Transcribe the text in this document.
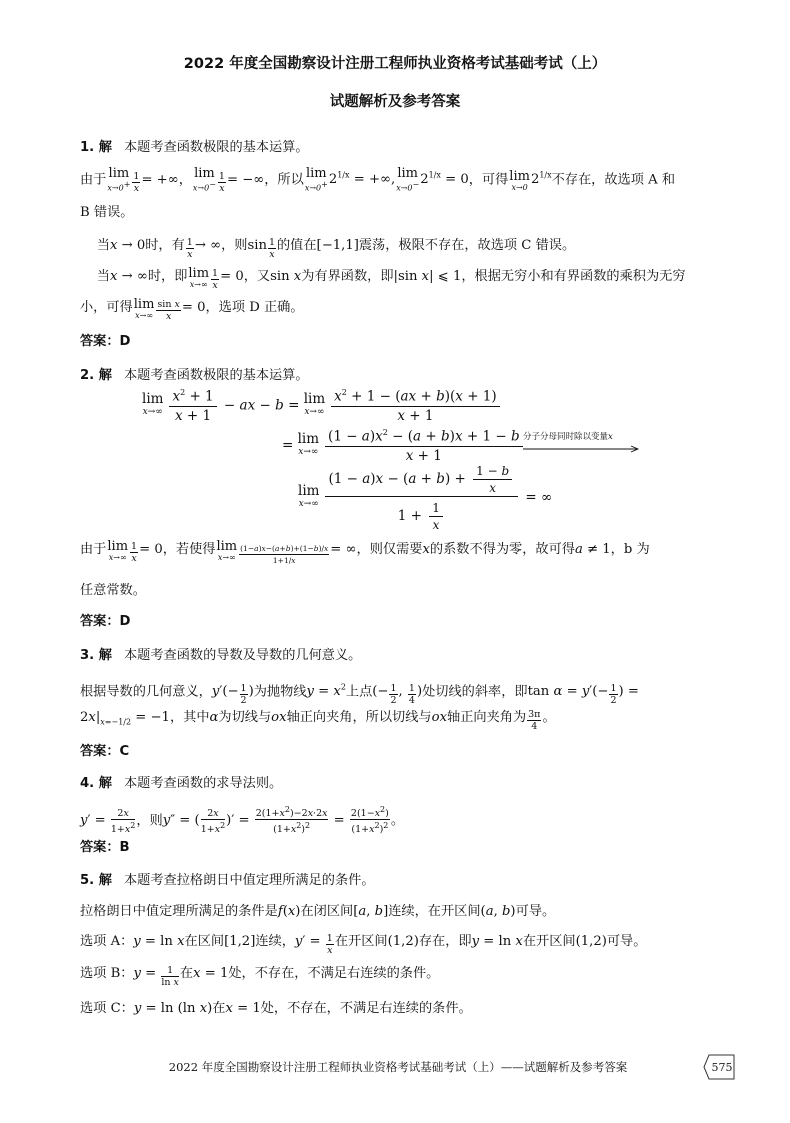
2022 年度全国勘察设计注册工程师执业资格考试基础考试（上）
试题解析及参考答案
1. 解 本题考查函数极限的基本运算。
由于 lim
$x\to 0^+ \frac{1}{x}$ = +∞， lim
$x\to 0^- \frac{1}{x}$ = −∞，所以 lim
x→0+ $2^{1/x}$ = +∞, lim
x→0− $2^{1/x} = 0$，可得 lim
x→0
$2^{1/x}$不存在，故选项 A 和
B 错误。
当x → 0时，有 $\frac{1}{x}$ → ∞，则$\sin \frac{1}{x}$ 的值在[−1,1]震荡，极限不存在，故选项 C 错误。
当x → ∞时，即 lim
$x\to\infty \frac{1}{x} = 0$，又sin x为有界函数，即|sin x| ⩽ 1，根据无穷小和有界函数的乘积为无穷
小，可得 lim
$x\to\infty \frac{\text{sin x}}{x} = 0$，选项 D 正确。
答案：D
2. 解 本题考查函数极限的基本运算。
lim
$x\to\infty \frac{x^2 + 1}{x + 1}$ − ax − b = lim
$x\to\infty \frac{x^2 + 1 - (ax + b)(x + 1)}{x + 1}$
= lim
$x\to\infty \frac{(1 - a)x^2 - (a + b)x + 1 - b}{x + 1}$ 分子分母同时除以变量x
lim
$x\to\infty \frac{(1 - a)x - (a + b) + \frac{1 - b}{x}}{1 + \frac{1}{x}}$ = ∞
由于 lim
$x\to\infty \frac{1}{x} = 0$，若使得 lim
$x\to\infty \frac{(1-a)x-(a+b)+(1-b)/x}{1+1/x}$ = ∞，则仅需要x的系数不得为零，故可得a ≠ 1，b 为
任意常数。
答案：D
3. 解 本题考查函数的导数及导数的几何意义。
根据导数的几何意义，$y'(- \frac{1}{2}$ )为抛物线$y = x^2$上点(− $\frac{1}{2}$ , $\frac{1}{4}$ )处切线的斜率，即$\tan \alpha = y'(- \frac{1}{2}$ ) =
$2x|_{x=-1/2} = -1$，其中α为切线与ox轴正向夹角，所以切线与ox轴正向夹角为 $\frac{3\pi}{4}$ 。
答案：C
4. 解 本题考查函数的求导法则。
$y' = \frac{2x}{1+x^2}$ ，则y″ = ( $\frac{2x}{1+x^2}$ )′ = $\frac{2(1+x^2)-2x\cdot 2x}{(1+x^2)^2} = \frac{2(1-x^2)}{(1+x^2)^2}$ 。
答案：B
5. 解 本题考查拉格朗日中值定理所满足的条件。
拉格朗日中值定理所满足的条件是f(x)在闭区间[a, b]连续，在开区间(a, b)可导。
选项 A：y = ln x在区间[1,2]连续，$y' = \frac{1}{x}$ 在开区间(1,2)存在，即y = ln x在开区间(1,2)可导。
选项 B：$y = \frac{1}{\text{ln x}}$ 在x = 1处，不存在，不满足右连续的条件。
选项 C：y = ln (ln x)在x = 1处，不存在，不满足右连续的条件。
2022 年度全国勘察设计注册工程师执业资格考试基础考试（上）——试题解析及参考答案	575
